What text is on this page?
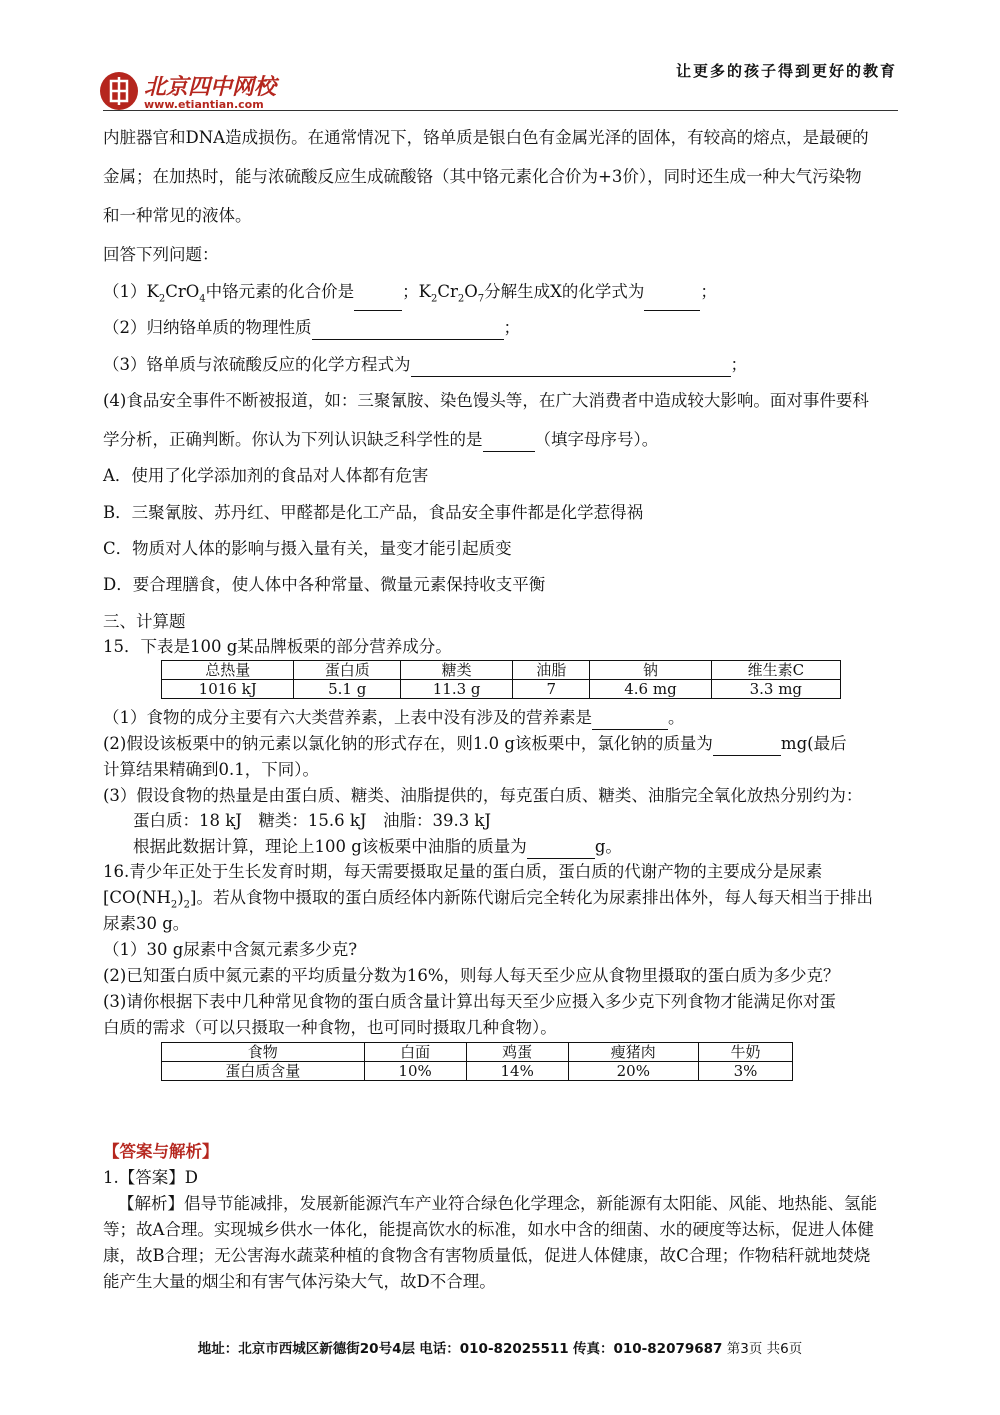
北京四中网校
www.etiantian.com
让更多的孩子得到更好的教育
内脏器官和DNA造成损伤。在通常情况下，铬单质是银白色有金属光泽的固体，有较高的熔点，是最硬的
金属；在加热时，能与浓硫酸反应生成硫酸铬（其中铬元素化合价为+3价），同时还生成一种大气污染物
和一种常见的液体。
回答下列问题：
$(1)K_2CrO_4$中铬元素的化合价是	；$K_2Cr_2O_7$分解生成X的化学式为	；
（2）归纳铬单质的物理性质	；
（3）铬单质与浓硫酸反应的化学方程式为	；
(4)食品安全事件不断被报道，如：三聚氰胺、染色馒头等，在广大消费者中造成较大影响。面对事件要科
学分析，正确判断。你认为下列认识缺乏科学性的是	（填字母序号）。
A．使用了化学添加剂的食品对人体都有危害
B．三聚氰胺、苏丹红、甲醛都是化工产品，食品安全事件都是化学惹得祸
C．物质对人体的影响与摄入量有关，量变才能引起质变
D．要合理膳食，使人体中各种常量、微量元素保持收支平衡
三、计算题
15．下表是100 g某品牌板栗的部分营养成分。
总热量	蛋白质	糖类	油脂	钠	维生素C
1016 kJ	5.1 g	11.3 g	7	4.6 mg	3.3 mg
（1）食物的成分主要有六大类营养素，上表中没有涉及的营养素是	。
(2)假设该板栗中的钠元素以氯化钠的形式存在，则1.0 g该板栗中，氯化钠的质量为	mg(最后
计算结果精确到0.1，下同）。
(3）假设食物的热量是由蛋白质、糖类、油脂提供的，每克蛋白质、糖类、油脂完全氧化放热分别约为：
蛋白质：18 kJ　糖类：15.6 kJ　油脂：39.3 kJ
根据此数据计算，理论上100 g该板栗中油脂的质量为	g。
16.青少年正处于生长发育时期，每天需要摄取足量的蛋白质，蛋白质的代谢产物的主要成分是尿素
$[CO(NH_2)_2]$。若从食物中摄取的蛋白质经体内新陈代谢后完全转化为尿素排出体外，每人每天相当于排出
尿素30 g。
（1）30 g尿素中含氮元素多少克?
(2)已知蛋白质中氮元素的平均质量分数为16%，则每人每天至少应从食物里摄取的蛋白质为多少克？
(3)请你根据下表中几种常见食物的蛋白质含量计算出每天至少应摄入多少克下列食物才能满足你对蛋
白质的需求（可以只摄取一种食物，也可同时摄取几种食物）。
食物	白面	鸡蛋	瘦猪肉	牛奶
蛋白质含量	10%	14%	20%	3%
【答案与解析】
1.【答案】D
【解析】倡导节能减排，发展新能源汽车产业符合绿色化学理念，新能源有太阳能、风能、地热能、氢能
等；故A合理。实现城乡供水一体化，能提高饮水的标准，如水中含的细菌、水的硬度等达标，促进人体健
康，故B合理；无公害海水蔬菜种植的食物含有害物质量低，促进人体健康，故C合理；作物秸秆就地焚烧
能产生大量的烟尘和有害气体污染大气，故D不合理。
地址：北京市西城区新德街20号4层 电话：010-82025511 传真：010-82079687 第3页 共6页
